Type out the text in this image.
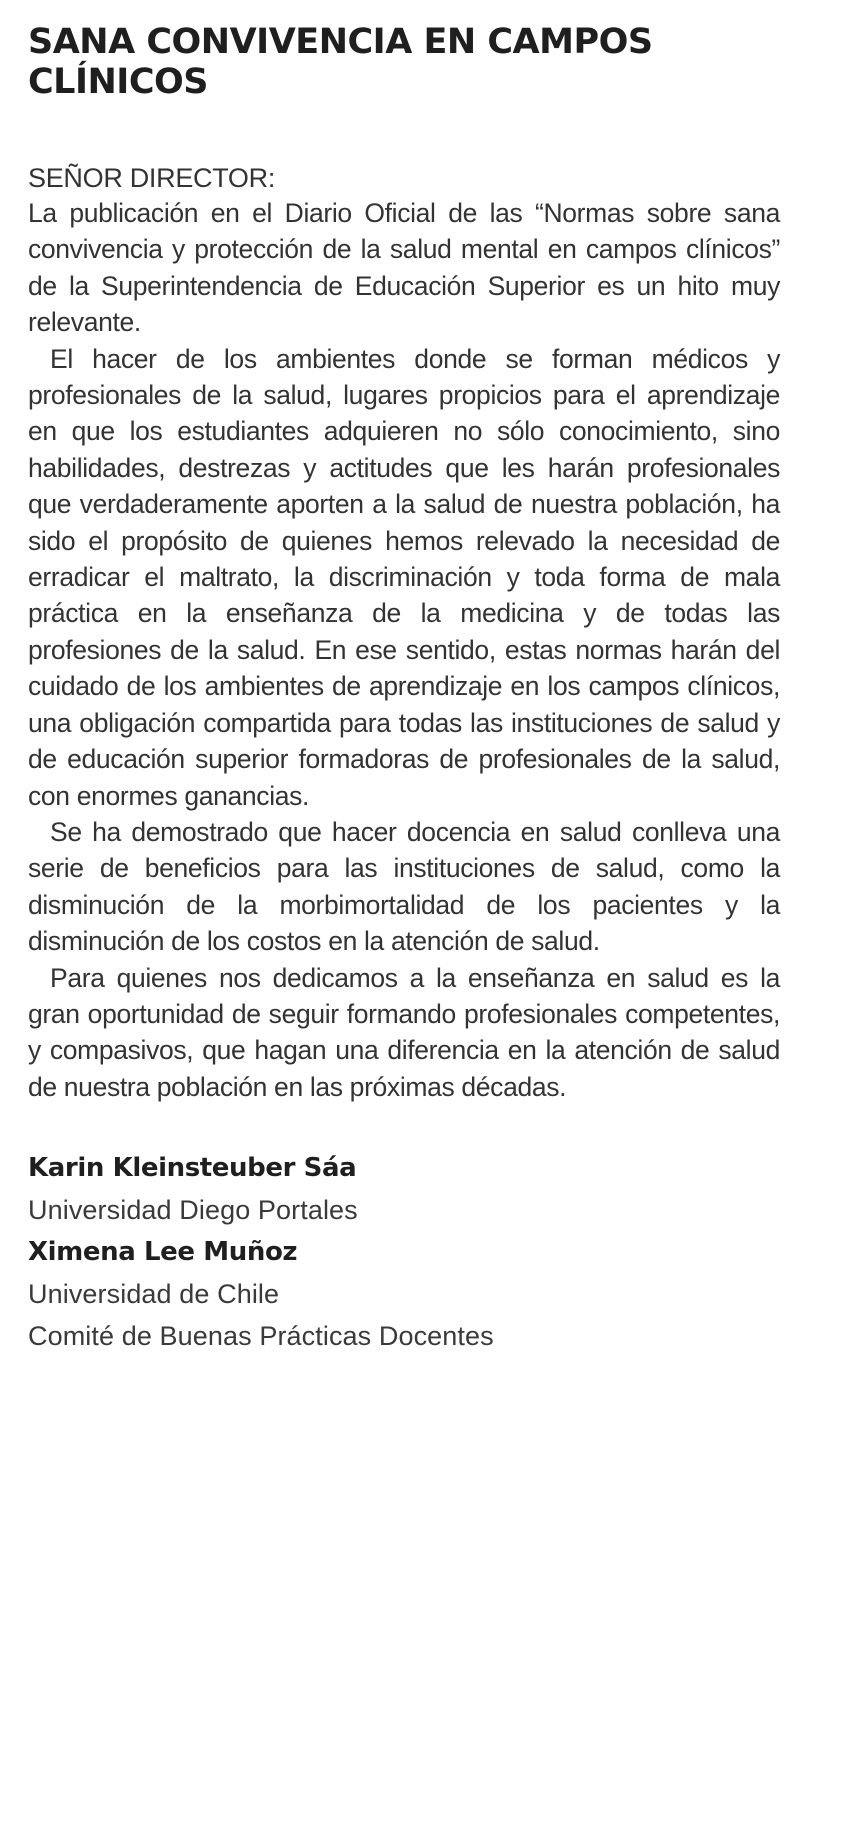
SANA CONVIVENCIA EN CAMPOS CLÍNICOS

SEÑOR DIRECTOR:

La publicación en el Diario Oficial de las “Normas sobre sana convivencia y protección de la salud mental en campos clínicos” de la Superintendencia de Educación Superior es un hito muy relevante.

El hacer de los ambientes donde se forman médicos y profesionales de la salud, lugares propicios para el aprendizaje en que los estudiantes adquieren no sólo conocimiento, sino habilidades, destrezas y actitudes que les harán profesionales que verdaderamente aporten a la salud de nuestra población, ha sido el propósito de quienes hemos relevado la necesidad de erradicar el maltrato, la discriminación y toda forma de mala práctica en la enseñanza de la medicina y de todas las profesiones de la salud. En ese sentido, estas normas harán del cuidado de los ambientes de aprendizaje en los campos clínicos, una obligación compartida para todas las instituciones de salud y de educación superior formadoras de profesionales de la salud, con enormes ganancias.

Se ha demostrado que hacer docencia en salud conlleva una serie de beneficios para las instituciones de salud, como la disminución de la morbimortalidad de los pacientes y la disminución de los costos en la atención de salud.

Para quienes nos dedicamos a la enseñanza en salud es la gran oportunidad de seguir formando profesionales competentes, y compasivos, que hagan una diferencia en la atención de salud de nuestra población en las próximas décadas.

Karin Kleinsteuber Sáa

Universidad Diego Portales

Ximena Lee Muñoz

Universidad de Chile

Comité de Buenas Prácticas Docentes
